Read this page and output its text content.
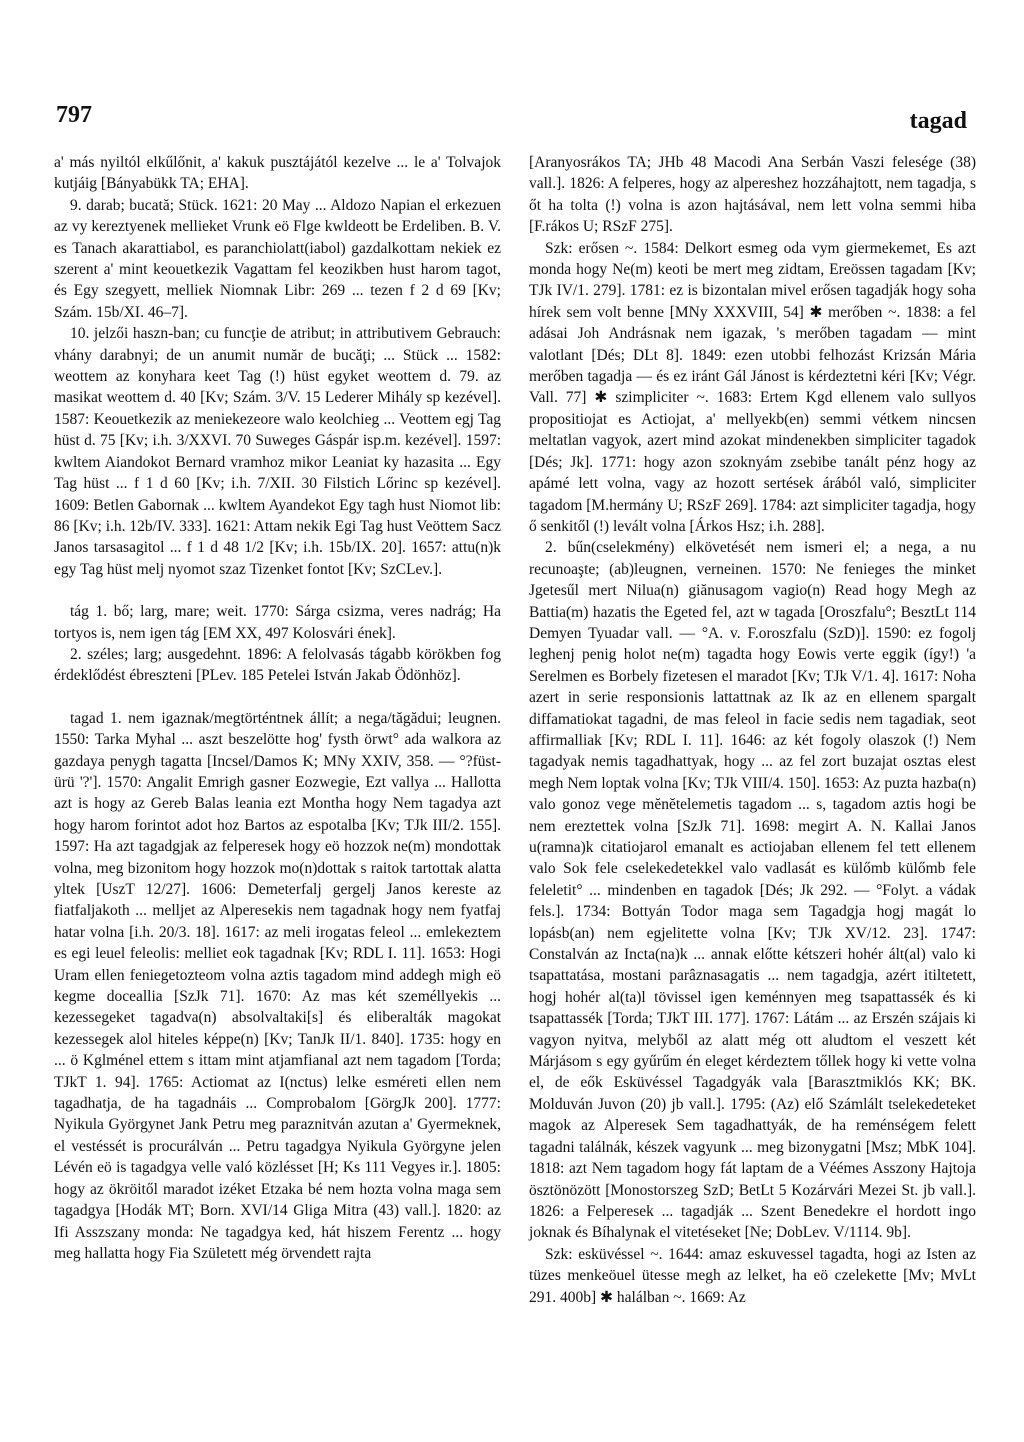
797	tagad

a' más nyiltól elkűlőnit, a' kakuk pusztájától kezelve ... le a' Tolvajok kutjáig [Bányabükk TA; EHA].

9. darab; bucată; Stück. 1621: 20 May ... Aldozo Napian el erkezuen az vy kereztyenek mellieket Vrunk eö Flge kwldeott be Erdeliben. B. V. es Tanach akarattiabol, es paranchiolatt(iabol) gazdalkottam nekiek ez szerent a' mint keouetkezik Vagattam fel keozikben hust harom tagot, és Egy szegyett, melliek Niomnak Libr: 269 ... tezen f 2 d 69 [Kv; Szám. 15b/XI. 46–7].

10. jelzői haszn-ban; cu funcţie de atribut; in attributivem Gebrauch: vhány darabnyi; de un anumit număr de bucăţi; ... Stück ... 1582: weottem az konyhara keet Tag (!) hüst egyket weottem d. 79. az masikat weottem d. 40 [Kv; Szám. 3/V. 15 Lederer Mihály sp kezével]. 1587: Keouetkezik az meniekezeore walo keolchieg ... Veottem egj Tag hüst d. 75 [Kv; i.h. 3/XXVI. 70 Suweges Gáspár isp.m. kezével]. 1597: kwltem Aiandokot Bernard vramhoz mikor Leaniat ky hazasita ... Egy Tag hüst ... f 1 d 60 [Kv; i.h. 7/XII. 30 Filstich Lőrinc sp kezével]. 1609: Betlen Gabornak ... kwltem Ayandekot Egy tagh hust Niomot lib: 86 [Kv; i.h. 12b/IV. 333]. 1621: Attam nekik Egi Tag hust Veöttem Sacz Janos tarsasagitol ... f 1 d 48 1/2 [Kv; i.h. 15b/IX. 20]. 1657: attu(n)k egy Tag hüst melj nyomot szaz Tizenket fontot [Kv; SzCLev.].

tág 1. bő; larg, mare; weit. 1770: Sárga csizma, veres nadrág; Ha tortyos is, nem igen tág [EM XX, 497 Kolosvári ének].

2. széles; larg; ausgedehnt. 1896: A felolvasás tágabb körökben fog érdeklődést ébreszteni [PLev. 185 Petelei István Jakab Ödönhöz].

tagad 1. nem igaznak/megtörténtnek állít; a nega/tăgădui; leugnen. 1550: Tarka Myhal ... aszt beszelötte hog' fysth örwt° ada walkora az gazdaya penygh tagatta [Incsel/Damos K; MNy XXIV, 358. — °?füst-ürü '?']. 1570: Angalit Emrigh gasner Eozwegie, Ezt vallya ... Hallotta azt is hogy az Gereb Balas leania ezt Montha hogy Nem tagadya azt hogy harom forintot adot hoz Bartos az espotalba [Kv; TJk III/2. 155]. 1597: Ha azt tagadgjak az felperesek hogy eö hozzok ne(m) mondottak volna, meg bizonitom hogy hozzok mo(n)dottak s raitok tartottak alatta yltek [UszT 12/27]. 1606: Demeterfalj gergelj Janos kereste az fiatfaljakoth ... melljet az Alperesekis nem tagadnak hogy nem fyatfaj hatar volna [i.h. 20/3. 18]. 1617: az meli irogatas feleol ... emlekeztem es egi leuel feleolis: melliet eok tagadnak [Kv; RDL I. 11]. 1653: Hogi Uram ellen feniegetozteom volna aztis tagadom mind addegh migh eö kegme doceallia [SzJk 71]. 1670: Az mas két személlyekis ... kezessegeket tagadva(n) absolvaltaki[s] és eliberalták magokat kezessegek alol hiteles képpe(n) [Kv; TanJk II/1. 840]. 1735: hogy en ... ö Kglménel ettem s ittam mint atjamfianal azt nem tagadom [Torda; TJkT 1. 94]. 1765: Actiomat az I(nctus) lelke esméreti ellen nem tagadhatja, de ha tagadnáis ... Comprobalom [GörgJk 200]. 1777: Nyikula Györgynet Jank Petru meg paraznitván azutan a' Gyermeknek, el vestéssét is procurálván ... Petru tagadgya Nyikula Györgyne jelen Lévén eö is tagadgya velle való közlésset [H; Ks 111 Vegyes ir.]. 1805: hogy az ökröitől maradot izéket Etzaka bé nem hozta volna maga sem tagadgya [Hodák MT; Born. XVI/14 Gliga Mitra (43) vall.]. 1820: az Ifi Asszszany monda: Ne tagadgya ked, hát hiszem Ferentz ... hogy meg hallatta hogy Fia Született még örvendett rajta

[Aranyosrákos TA; JHb 48 Macodi Ana Serbán Vaszi felesége (38) vall.]. 1826: A felperes, hogy az alpereshez hozzáhajtott, nem tagadja, s őt ha tolta (!) volna is azon hajtásával, nem lett volna semmi hiba [F.rákos U; RSzF 275].

Szk: erősen ~. 1584: Delkort esmeg oda vym giermekemet, Es azt monda hogy Ne(m) keoti be mert meg zidtam, Ereössen tagadam [Kv; TJk IV/1. 279]. 1781: ez is bizontalan mivel erősen tagadják hogy soha hírek sem volt benne [MNy XXXVIII, 54] ✱ merőben ~. 1838: a fel adásai Joh Andrásnak nem igazak, 's merőben tagadam — mint valotlant [Dés; DLt 8]. 1849: ezen utobbi felhozást Krizsán Mária merőben tagadja — és ez iránt Gál Jánost is kérdeztetni kéri [Kv; Végr. Vall. 77] ✱ szimpliciter ~. 1683: Ertem Kgd ellenem valo sullyos propositiojat es Actiojat, a' mellyekb(en) semmi vétkem nincsen meltatlan vagyok, azert mind azokat mindenekben simpliciter tagadok [Dés; Jk]. 1771: hogy azon szoknyám zsebibe tanált pénz hogy az apámé lett volna, vagy az hozott sertések árából való, simpliciter tagadom [M.hermány U; RSzF 269]. 1784: azt simpliciter tagadja, hogy ő senkitől (!) levált volna [Árkos Hsz; i.h. 288].

2. bűn(cselekmény) elkövetését nem ismeri el; a nega, a nu recunoaşte; (ab)leugnen, verneinen. 1570: Ne fenieges the minket Jgetesűl mert Nilua(n) giănusagom vagio(n) Read hogy Megh az Battia(m) hazatis the Egeted fel, azt w tagada [Oroszfalu°; BesztLt 114 Demyen Tyuadar vall. — °A. v. F.oroszfalu (SzD)]. 1590: ez fogolj leghenj penig holot ne(m) tagadta hogy Eowis verte eggik (így!) 'a Serelmen es Borbely fizetesen el maradot [Kv; TJk V/1. 4]. 1617: Noha azert in serie responsionis lattattnak az Ik az en ellenem spargalt diffamatiokat tagadni, de mas feleol in facie sedis nem tagadiak, seot affirmalliak [Kv; RDL I. 11]. 1646: az két fogoly olaszok (!) Nem tagadyak nemis tagadhattyak, hogy ... az fel zort buzajat osztas elest megh Nem loptak volna [Kv; TJk VIII/4. 150]. 1653: Az puzta hazba(n) valo gonoz vege mĕnĕtelemetis tagadom ... s, tagadom aztis hogi be nem ereztettek volna [SzJk 71]. 1698: megirt A. N. Kallai Janos u(ramna)k citatiojarol emanalt es actiojaban ellenem fel tett ellenem valo Sok fele cselekedetekkel valo vadlasát es külőmb külőmb fele feleletit° ... mindenben en tagadok [Dés; Jk 292. — °Folyt. a vádak fels.]. 1734: Bottyán Todor maga sem Tagadgja hogj magát lo lopásb(an) nem egjelitette volna [Kv; TJk XV/12. 23]. 1747: Constalván az Incta(na)k ... annak előtte kétszeri hohér ált(al) valo ki tsapattatása, mostani parâznasagatis ... nem tagadgja, azért itiltetett, hogj hohér al(ta)l tövissel igen keménnyen meg tsapattassék és ki tsapattassék [Torda; TJkT III. 177]. 1767: Látám ... az Erszén szájais ki vagyon nyitva, melyből az alatt még ott aludtom el veszett két Márjásom s egy gyűrűm én eleget kérdeztem tőllek hogy ki vette volna el, de eők Esküvéssel Tagadgyák vala [Barasztmiklós KK; BK. Molduván Juvon (20) jb vall.]. 1795: (Az) elő Számlált tselekedeteket magok az Alperesek Sem tagadhattyák, de ha reménségem felett tagadni találnák, készek vagyunk ... meg bizonygatni [Msz; MbK 104]. 1818: azt Nem tagadom hogy fát laptam de a Véémes Asszony Hajtoja ösztönözött [Monostorszeg SzD; BetLt 5 Kozárvári Mezei St. jb vall.]. 1826: a Felperesek ... tagadják ... Szent Benedekre el hordott ingo joknak és Bíhalynak el vitetéseket [Ne; DobLev. V/1114. 9b].

Szk: esküvéssel ~. 1644: amaz eskuvessel tagadta, hogi az Isten az tüzes menkeöuel ütesse megh az lelket, ha eö czelekette [Mv; MvLt 291. 400b] ✱ halálban ~. 1669: Az
